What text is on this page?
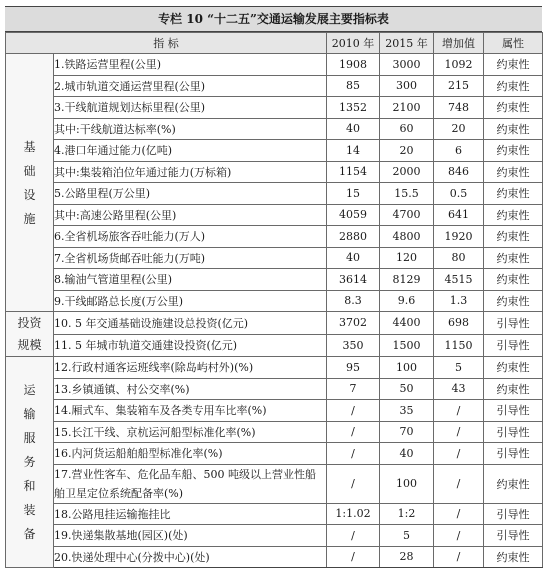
专栏 10 “十二五”交通运输发展主要指标表
指 标		2010 年	2015 年	增加值	属性
基础设施	1.铁路运营里程(公里)	1908	3000	1092	约束性
	2.城市轨道交通运营里程(公里)	85	300	215	约束性
	3.干线航道规划达标里程(公里)	1352	2100	748	约束性
	其中:干线航道达标率(%)	40	60	20	约束性
	4.港口年通过能力(亿吨)	14	20	6	约束性
	其中:集装箱泊位年通过能力(万标箱)	1154	2000	846	约束性
	5.公路里程(万公里)	15	15.5	0.5	约束性
	其中:高速公路里程(公里)	4059	4700	641	约束性
	6.全省机场旅客吞吐能力(万人)	2880	4800	1920	约束性
	7.全省机场货邮吞吐能力(万吨)	40	120	80	约束性
	8.输油气管道里程(公里)	3614	8129	4515	约束性
	9.干线邮路总长度(万公里)	8.3	9.6	1.3	约束性
投资规模	10. 5 年交通基础设施建设总投资(亿元)	3702	4400	698	引导性
	11. 5 年城市轨道交通建设投资(亿元)	350	1500	1150	引导性
运输服务和装备	12.行政村通客运班线率(除岛屿村外)(%)	95	100	5	约束性
	13.乡镇通镇、村公交率(%)	7	50	43	约束性
	14.厢式车、集装箱车及各类专用车比率(%)	/	35	/	引导性
	15.长江干线、京杭运河船型标准化率(%)	/	70	/	引导性
	16.内河货运船舶船型标准化率(%)	/	40	/	引导性
	17.营业性客车、危化品车船、500 吨级以上营业性船舶卫星定位系统配备率(%)	/	100	/	约束性
	18.公路甩挂运输拖挂比	1:1.02	1:2	/	引导性
	19.快递集散基地(园区)(处)	/	5	/	引导性
	20.快递处理中心(分拨中心)(处)	/	28	/	约束性
